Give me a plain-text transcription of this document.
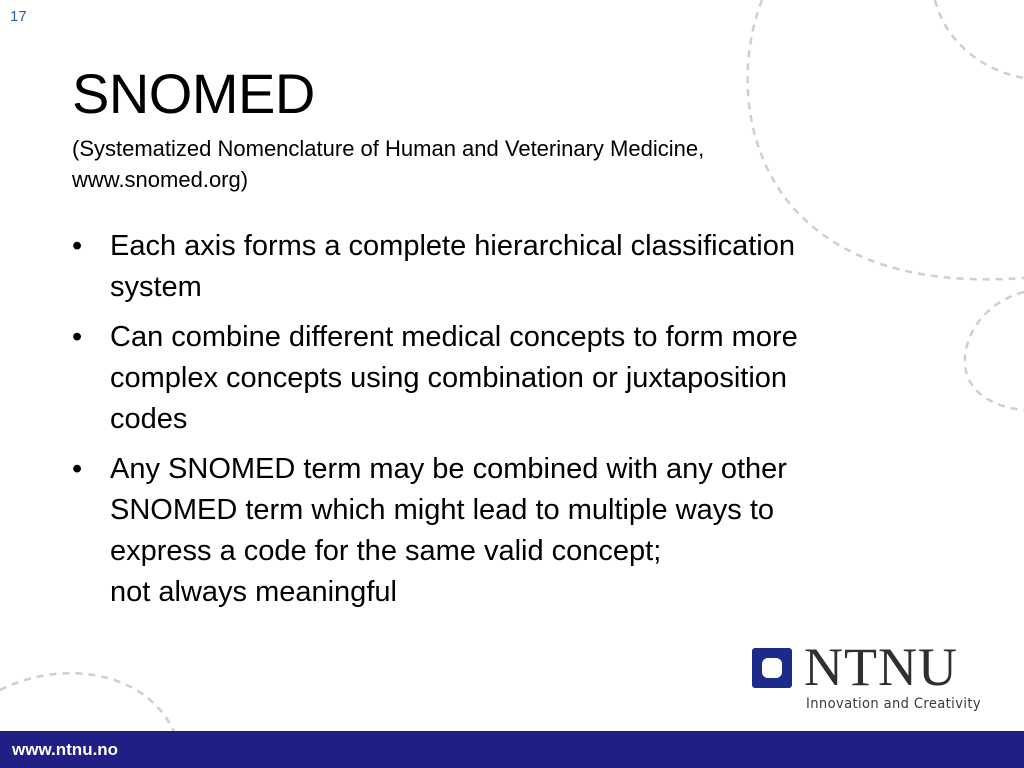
17
SNOMED
(Systematized Nomenclature of Human and Veterinary Medicine,
www.snomed.org)
• Each axis forms a complete hierarchical classification
system
• Can combine different medical concepts to form more
complex concepts using combination or juxtaposition
codes
• Any SNOMED term may be combined with any other
SNOMED term which might lead to multiple ways to
express a code for the same valid concept;
not always meaningful
NTNU
Innovation and Creativity
www.ntnu.no
